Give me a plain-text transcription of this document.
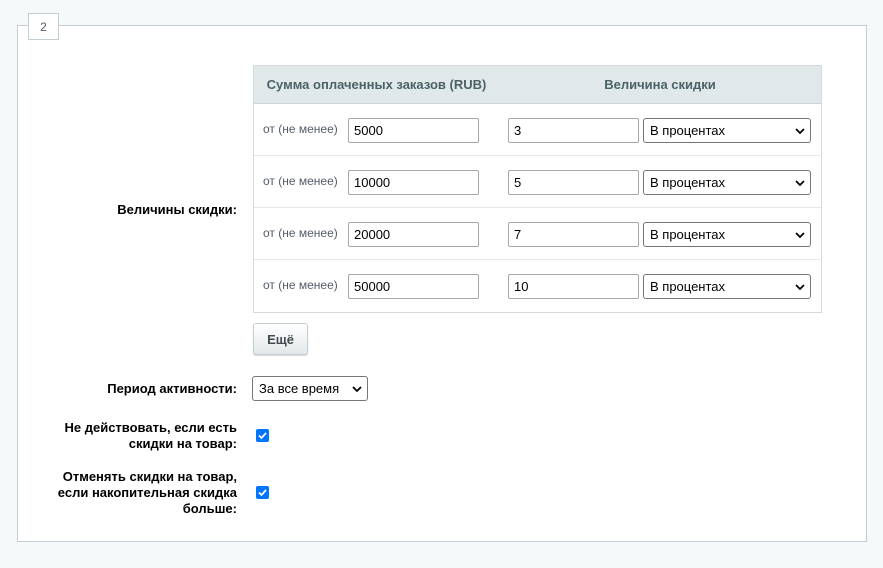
2
Величины скидки:
Сумма оплаченных заказов (RUB)	Величина скидки
от (не менее)	5000	3	В процентах
от (не менее)	10000	5	В процентах
от (не менее)	20000	7	В процентах
от (не менее)	50000	10	В процентах
Ещё
Период активности:	За все время
Не действовать, если есть
скидки на товар:
Отменять скидки на товар,
если накопительная скидка
больше:
